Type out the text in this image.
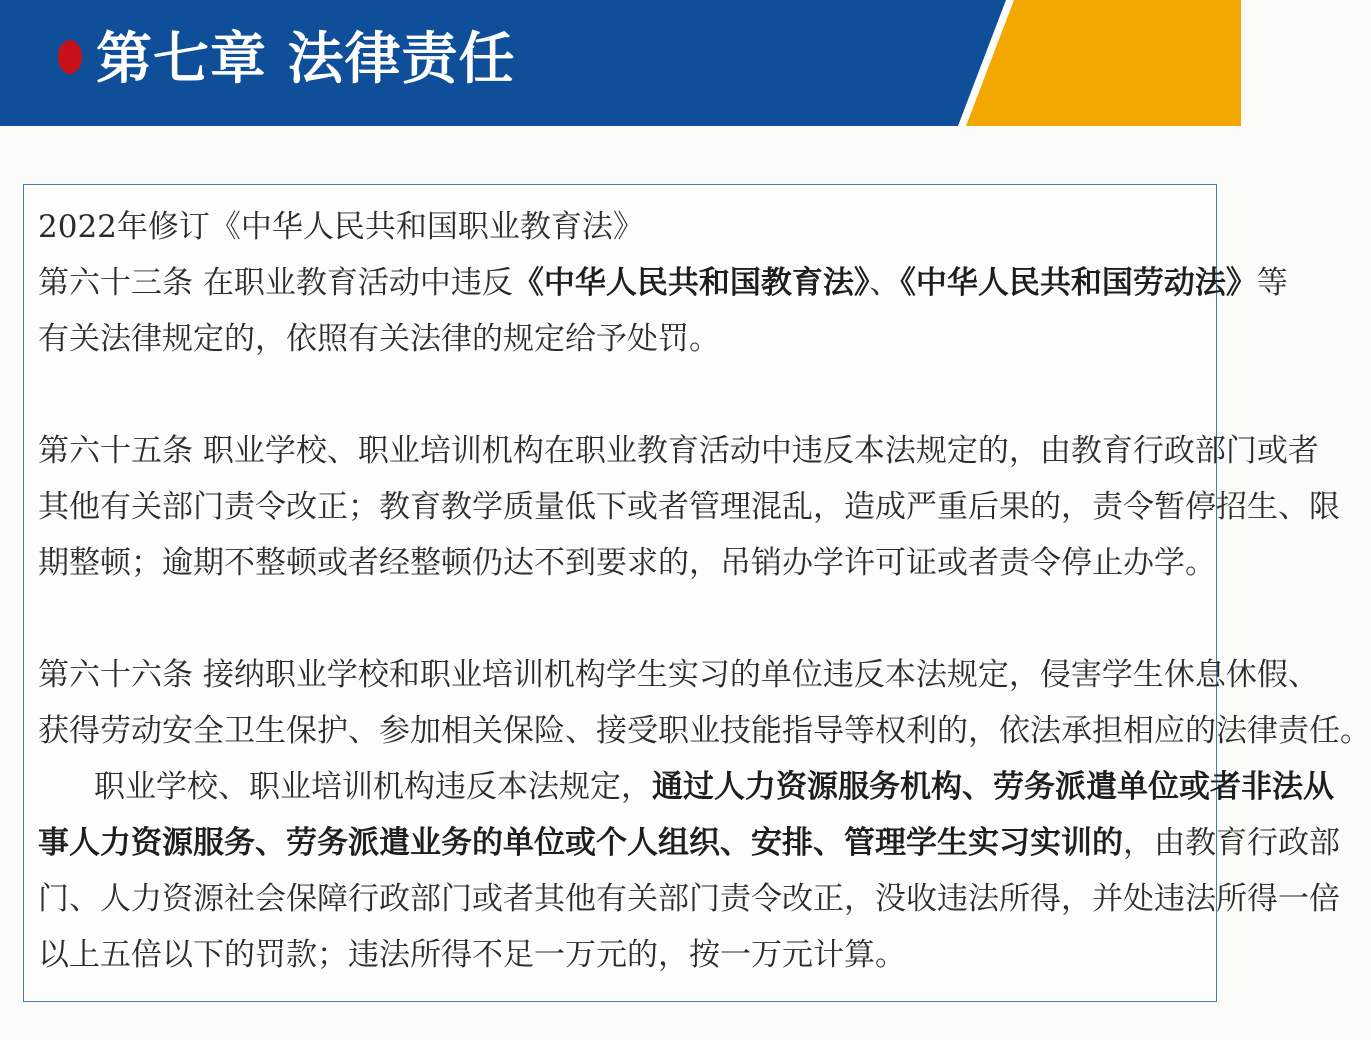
第七章 法律责任
2022年修订《中华人民共和国职业教育法》
第六十三条 在职业教育活动中违反《中华人民共和国教育法》、《中华人民共和国劳动法》等
有关法律规定的，依照有关法律的规定给予处罚。
第六十五条 职业学校、职业培训机构在职业教育活动中违反本法规定的，由教育行政部门或者
其他有关部门责令改正；教育教学质量低下或者管理混乱，造成严重后果的，责令暂停招生、限
期整顿；逾期不整顿或者经整顿仍达不到要求的，吊销办学许可证或者责令停止办学。
第六十六条 接纳职业学校和职业培训机构学生实习的单位违反本法规定，侵害学生休息休假、
获得劳动安全卫生保护、参加相关保险、接受职业技能指导等权利的，依法承担相应的法律责任。
职业学校、职业培训机构违反本法规定，通过人力资源服务机构、劳务派遣单位或者非法从
事人力资源服务、劳务派遣业务的单位或个人组织、安排、管理学生实习实训的，由教育行政部
门、人力资源社会保障行政部门或者其他有关部门责令改正，没收违法所得，并处违法所得一倍
以上五倍以下的罚款；违法所得不足一万元的，按一万元计算。
